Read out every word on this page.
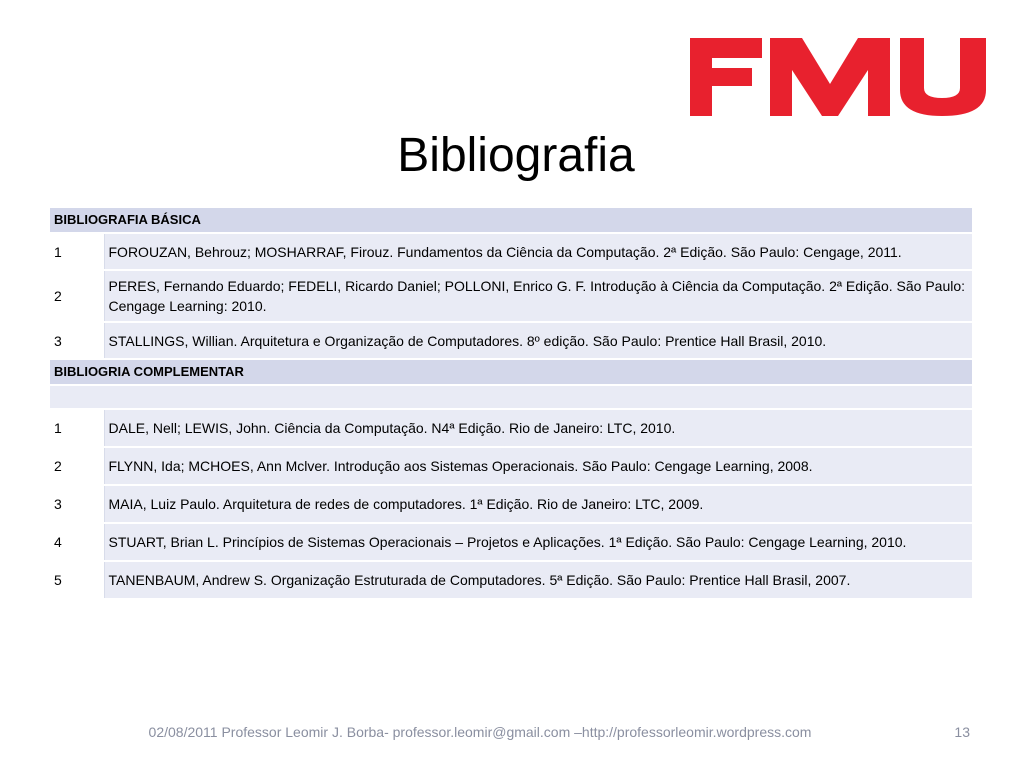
Bibliografia
BIBLIOGRAFIA BÁSICA	
1	FOROUZAN, Behrouz; MOSHARRAF, Firouz. Fundamentos da Ciência da Computação. 2ª Edição. São Paulo: Cengage, 2011.
2	PERES, Fernando Eduardo; FEDELI, Ricardo Daniel; POLLONI, Enrico G. F. Introdução à Ciência da Computação. 2ª Edição. São Paulo: Cengage Learning: 2010.
3	STALLINGS, Willian. Arquitetura e Organização de Computadores. 8º edição. São Paulo: Prentice Hall Brasil, 2010.
BIBLIOGRIA COMPLEMENTAR	

1	DALE, Nell; LEWIS, John. Ciência da Computação. N4ª Edição. Rio de Janeiro: LTC, 2010.
2	FLYNN, Ida; MCHOES, Ann Mclver. Introdução aos Sistemas Operacionais. São Paulo: Cengage Learning, 2008.
3	MAIA, Luiz Paulo. Arquitetura de redes de computadores. 1ª Edição. Rio de Janeiro: LTC, 2009.
4	STUART, Brian L. Princípios de Sistemas Operacionais – Projetos e Aplicações. 1ª Edição. São Paulo: Cengage Learning, 2010.
5	TANENBAUM, Andrew S. Organização Estruturada de Computadores. 5ª Edição. São Paulo: Prentice Hall Brasil, 2007.
02/08/2011 Professor Leomir J. Borba- professor.leomir@gmail.com –http://professorleomir.wordpress.com	13
